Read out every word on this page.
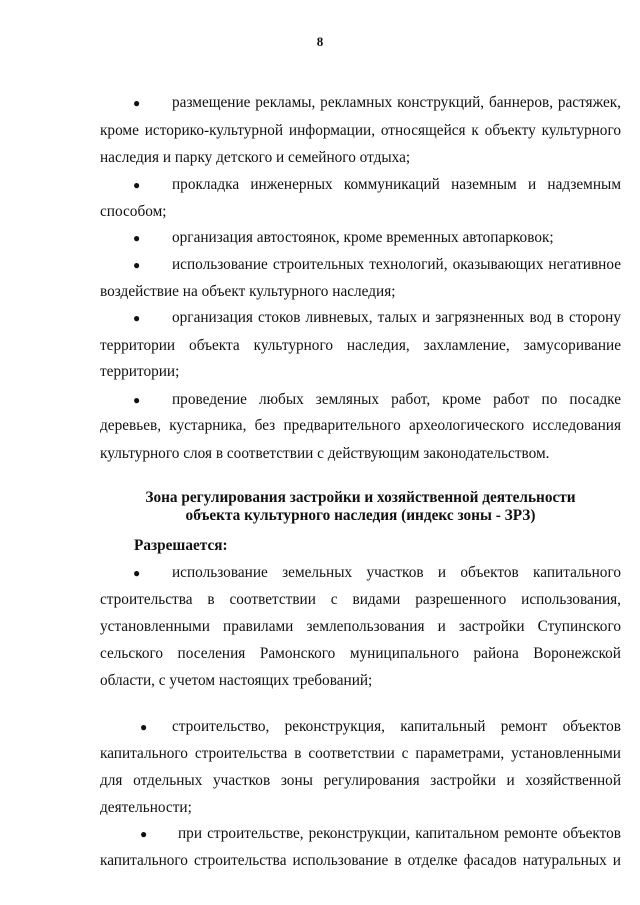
8
● размещение рекламы, рекламных конструкций, баннеров, растяжек,
кроме историко-культурной информации, относящейся к объекту культурного
наследия и парку детского и семейного отдыха;
● прокладка инженерных коммуникаций наземным и надземным
способом;
● организация автостоянок, кроме временных автопарковок;
● использование строительных технологий, оказывающих негативное
воздействие на объект культурного наследия;
● организация стоков ливневых, талых и загрязненных вод в сторону
территории объекта культурного наследия, захламление, замусоривание
территории;
● проведение любых земляных работ, кроме работ по посадке
деревьев, кустарника, без предварительного археологического исследования
культурного слоя в соответствии с действующим законодательством.
Зона регулирования застройки и хозяйственной деятельности
объекта культурного наследия (индекс зоны - ЗРЗ)
Разрешается:
● использование земельных участков и объектов капитального
строительства в соответствии с видами разрешенного использования,
установленными правилами землепользования и застройки Ступинского
сельского поселения Рамонского муниципального района Воронежской
области, с учетом настоящих требований;
● строительство, реконструкция, капитальный ремонт объектов
капитального строительства в соответствии с параметрами, установленными
для отдельных участков зоны регулирования застройки и хозяйственной
деятельности;
● при строительстве, реконструкции, капитальном ремонте объектов
капитального строительства использование в отделке фасадов натуральных и
